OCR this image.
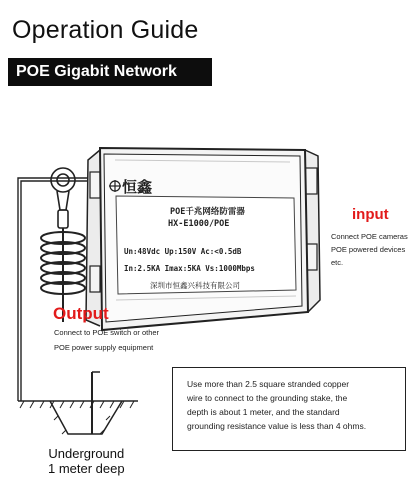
Operation Guide
POE Gigabit Network SPD
恒鑫
POE千兆网络防雷器
HX-E1000/POE
Un:48Vdc Up:150V Ac:<0.5dB
In:2.5KA Imax:5KA Vs:1000Mbps
深圳市恒鑫兴科技有限公司
input
Connect POE cameras
POE powered devices
etc.
Output
Connect to POE switch or other
POE power supply equipment
Use more than 2.5 square stranded copper
wire to connect to the grounding stake, the
depth is about 1 meter, and the standard
grounding resistance value is less than 4 ohms.
Underground
1 meter deep
